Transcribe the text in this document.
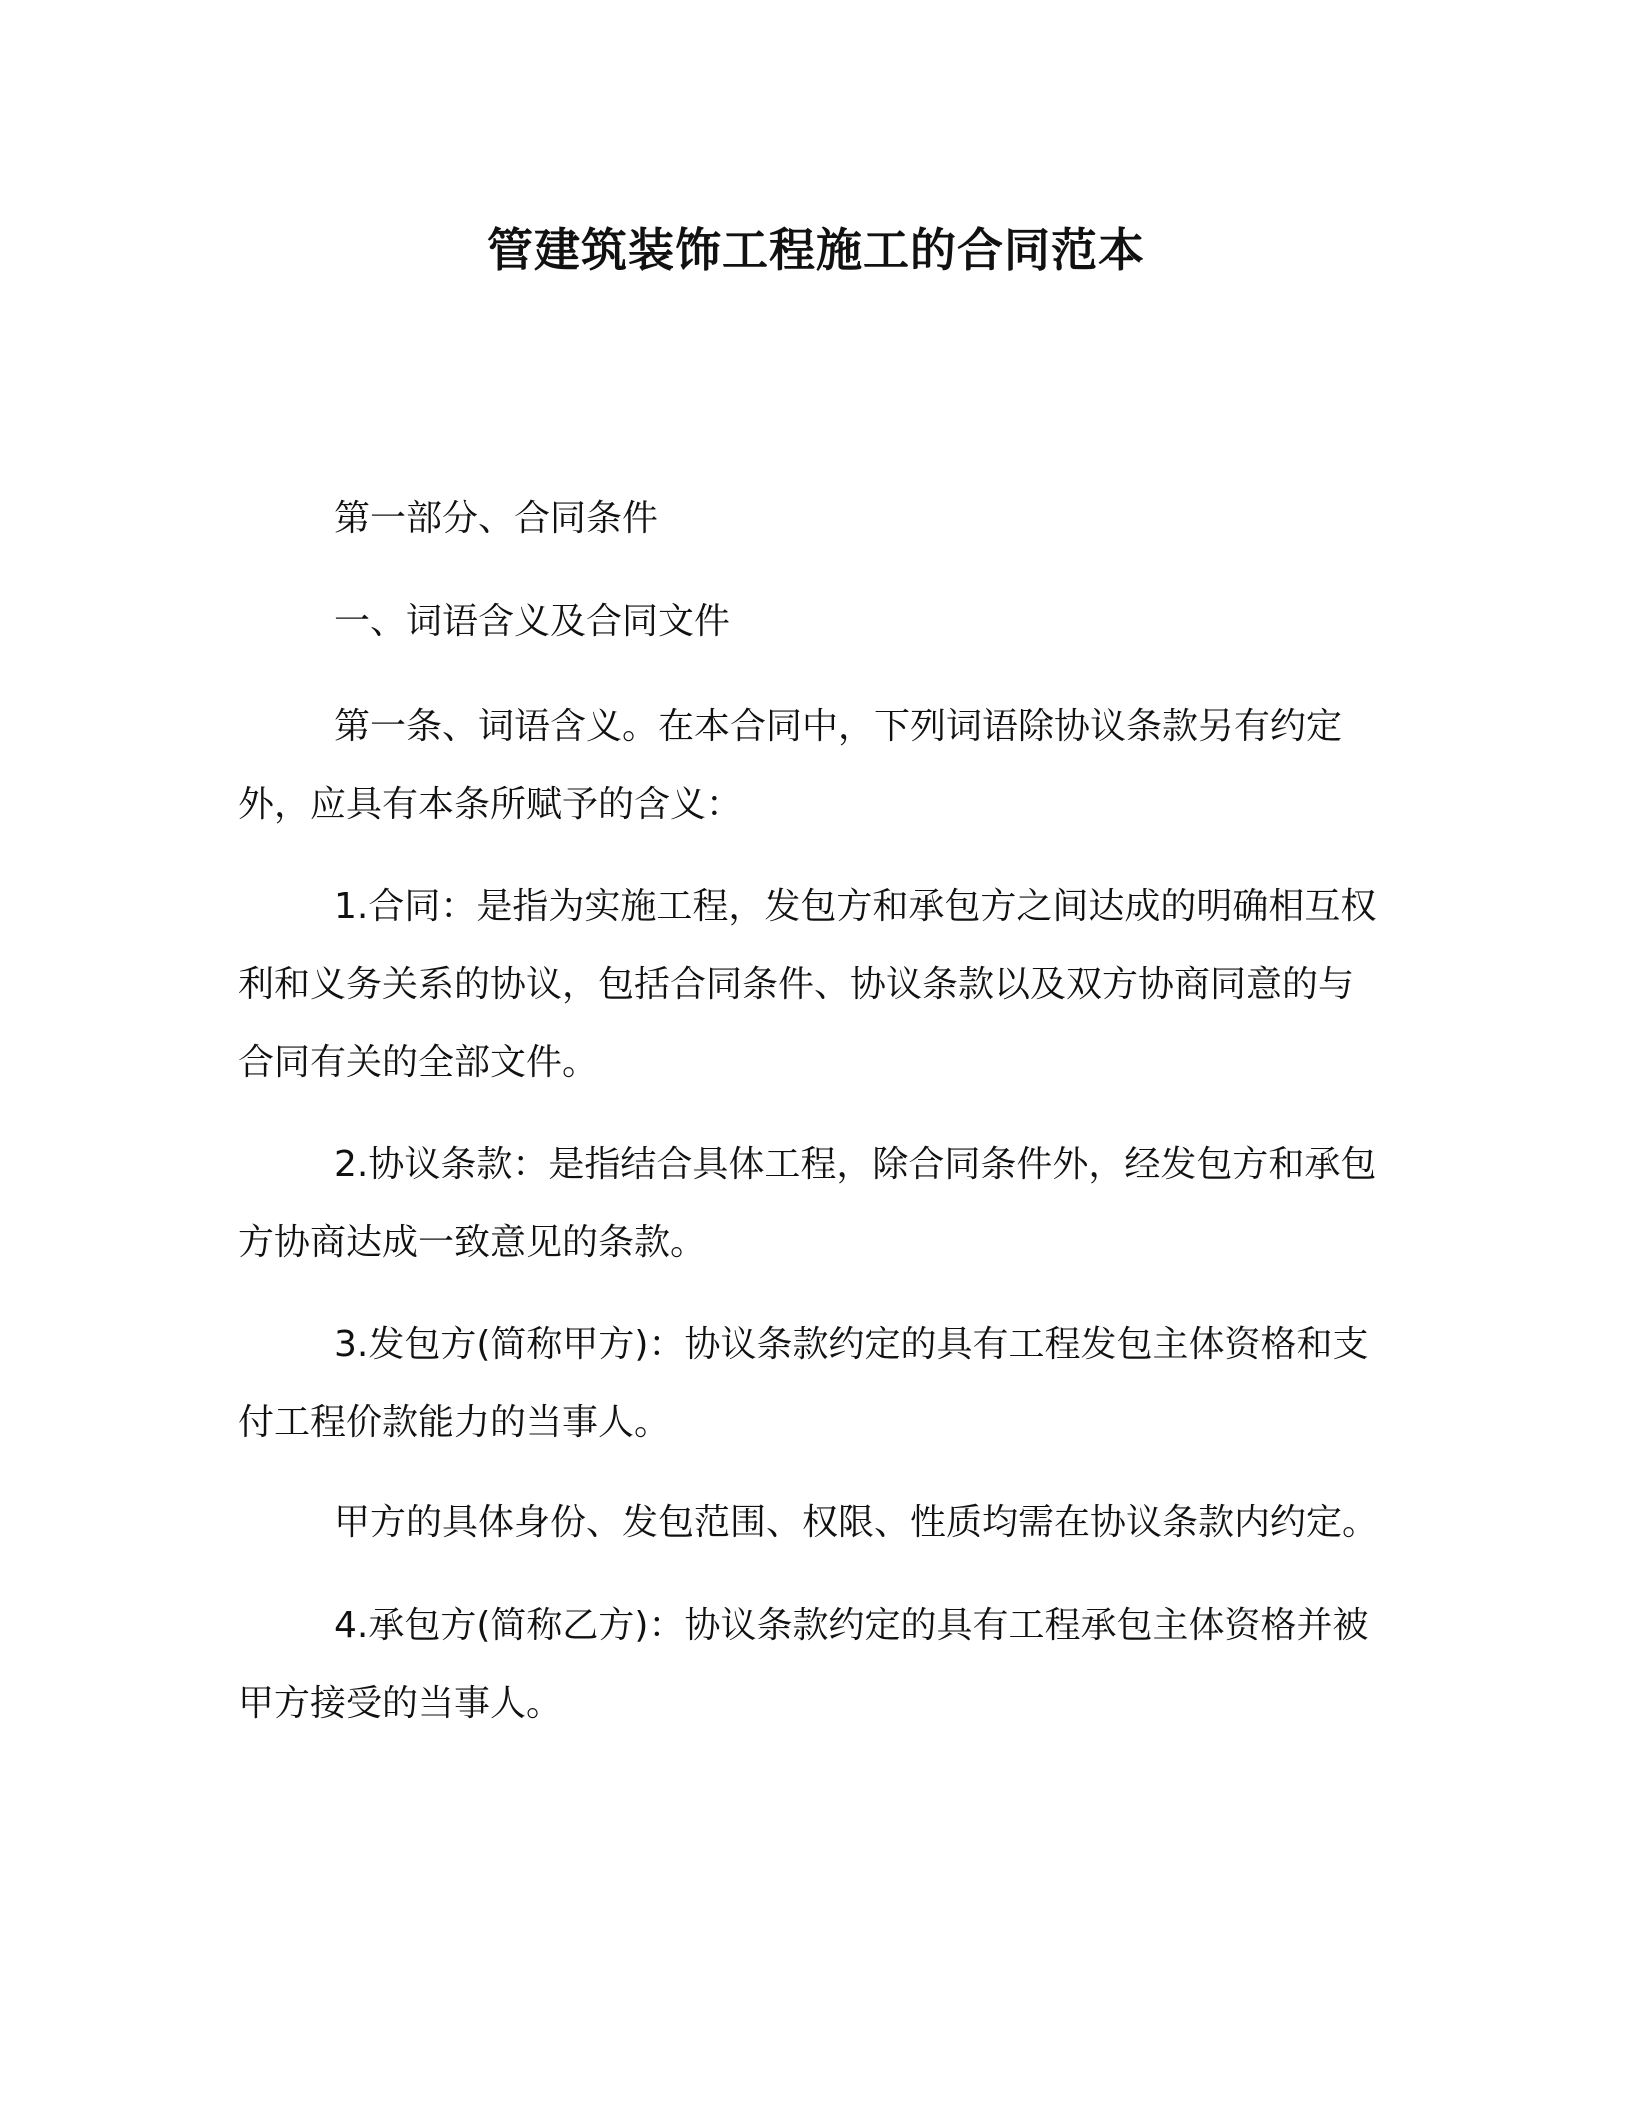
管建筑装饰工程施工的合同范本

第一部分、合同条件

一、词语含义及合同文件

第一条、词语含义。在本合同中，下列词语除协议条款另有约定外，应具有本条所赋予的含义：

1.合同：是指为实施工程，发包方和承包方之间达成的明确相互权利和义务关系的协议，包括合同条件、协议条款以及双方协商同意的与合同有关的全部文件。

2.协议条款：是指结合具体工程，除合同条件外，经发包方和承包方协商达成一致意见的条款。

3.发包方(简称甲方)：协议条款约定的具有工程发包主体资格和支付工程价款能力的当事人。

甲方的具体身份、发包范围、权限、性质均需在协议条款内约定。

4.承包方(简称乙方)：协议条款约定的具有工程承包主体资格并被甲方接受的当事人。
